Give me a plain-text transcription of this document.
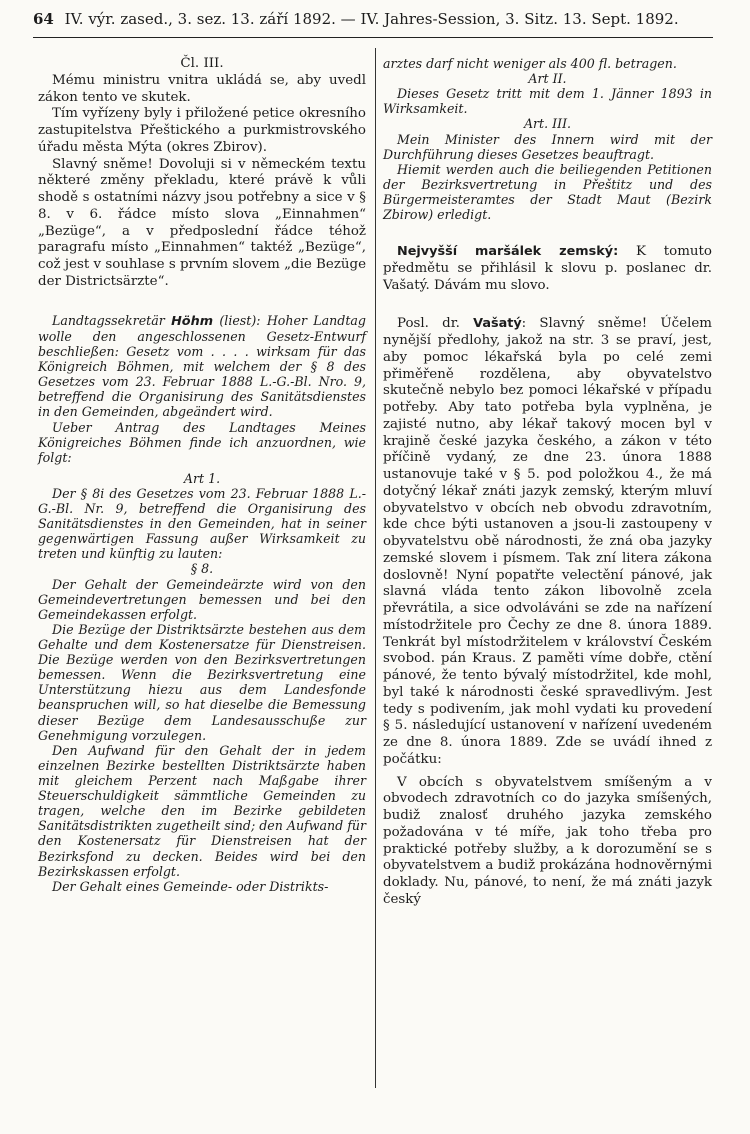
64 IV. výr. zased., 3. sez. 13. září 1892. — IV. Jahres-Session, 3. Sitz. 13. Sept. 1892.

Čl. III.

Mému ministru vnitra ukládá se, aby uvedl zákon tento ve skutek.

Tím vyřízeny byly i přiložené petice okresního zastupitelstva Přeštického a purkmistrovského úřadu města Mýta (okres Zbirov).

Slavný sněme! Dovoluji si v německém textu některé změny překladu, které právě k vůli shodě s ostatními názvy jsou potřebny a sice v § 8. v 6. řádce místo slova „Einnahmen“ „Bezüge“, a v předposlední řádce téhož paragrafu místo „Einnahmen“ taktéž „Bezüge“, což jest v souhlase s prvním slovem „die Bezüge der Districtsärzte“.

Landtagssekretär Höhm (liest): Hoher Landtag wolle den angeschlossenen Gesetz-Entwurf beschließen: Gesetz vom . . . . wirksam für das Königreich Böhmen, mit welchem der § 8 des Gesetzes vom 23. Februar 1888 L.-G.-Bl. Nro. 9, betreffend die Organisirung des Sanitätsdienstes in den Gemeinden, abgeändert wird.

Ueber Antrag des Landtages Meines Königreiches Böhmen finde ich anzuordnen, wie folgt:

Art 1.

Der § 8i des Gesetzes vom 23. Februar 1888 L.-G.-Bl. Nr. 9, betreffend die Organisirung des Sanitätsdienstes in den Gemeinden, hat in seiner gegenwärtigen Fassung außer Wirksamkeit zu treten und künftig zu lauten:

§ 8.

Der Gehalt der Gemeindeärzte wird von den Gemeindevertretungen bemessen und bei den Gemeindekassen erfolgt.

Die Bezüge der Distriktsärzte bestehen aus dem Gehalte und dem Kostenersatze für Dienstreisen. Die Bezüge werden von den Bezirksvertretungen bemessen. Wenn die Bezirksvertretung eine Unterstützung hiezu aus dem Landesfonde beanspruchen will, so hat dieselbe die Bemessung dieser Bezüge dem Landesausschuße zur Genehmigung vorzulegen.

Den Aufwand für den Gehalt der in jedem einzelnen Bezirke bestellten Distriktsärzte haben mit gleichem Perzent nach Maßgabe ihrer Steuerschuldigkeit sämmtliche Gemeinden zu tragen, welche den im Bezirke gebildeten Sanitätsdistrikten zugetheilt sind; den Aufwand für den Kostenersatz für Dienstreisen hat der Bezirksfond zu decken. Beides wird bei den Bezirkskassen erfolgt.

Der Gehalt eines Gemeinde- oder Distrikts-

arztes darf nicht weniger als 400 fl. betragen.

Art II.

Dieses Gesetz tritt mit dem 1. Jänner 1893 in Wirksamkeit.

Art. III.

Mein Minister des Innern wird mit der Durchführung dieses Gesetzes beauftragt.

Hiemit werden auch die beiliegenden Petitionen der Bezirksvertretung in Přeštitz und des Bürgermeisteramtes der Stadt Maut (Bezirk Zbirow) erledigt.

Nejvyšší maršálek zemský: K tomuto předmětu se přihlásil k slovu p. poslanec dr. Vašatý. Dávám mu slovo.

Posl. dr. Vašatý: Slavný sněme! Účelem nynější předlohy, jakož na str. 3 se praví, jest, aby pomoc lékařská byla po celé zemi přiměřeně rozdělena, aby obyvatelstvo skutečně nebylo bez pomoci lékařské v případu potřeby. Aby tato potřeba byla vyplněna, je zajisté nutno, aby lékař takový mocen byl v krajině české jazyka českého, a zákon v této příčině vydaný, ze dne 23. února 1888 ustanovuje také v § 5. pod položkou 4., že má dotyčný lékař znáti jazyk zemský, kterým mluví obyvatelstvo v obcích neb obvodu zdravotním, kde chce býti ustanoven a jsou-li zastoupeny v obyvatelstvu obě národnosti, že zná oba jazyky zemské slovem i písmem. Tak zní litera zákona doslovně! Nyní popatřte velectění pánové, jak slavná vláda tento zákon libovolně zcela převrátila, a sice odvoláváni se zde na nařízení místodržitele pro Čechy ze dne 8. února 1889. Tenkrát byl místodržitelem v království Českém svobod. pán Kraus. Z paměti víme dobře, ctění pánové, že tento bývalý místodržitel, kde mohl, byl také k národnosti české spravedlivým. Jest tedy s podivením, jak mohl vydati ku provedení § 5. následující ustanovení v nařízení uvedeném ze dne 8. února 1889. Zde se uvádí ihned z počátku:

V obcích s obyvatelstvem smíšeným a v obvodech zdravotních co do jazyka smíšených, budiž znalosť druhého jazyka zemského požadována v té míře, jak toho třeba pro praktické potřeby služby, a k dorozumění se s obyvatelstvem a budiž prokázána hodnověrnými doklady. Nu, pánové, to není, že má znáti jazyk český
